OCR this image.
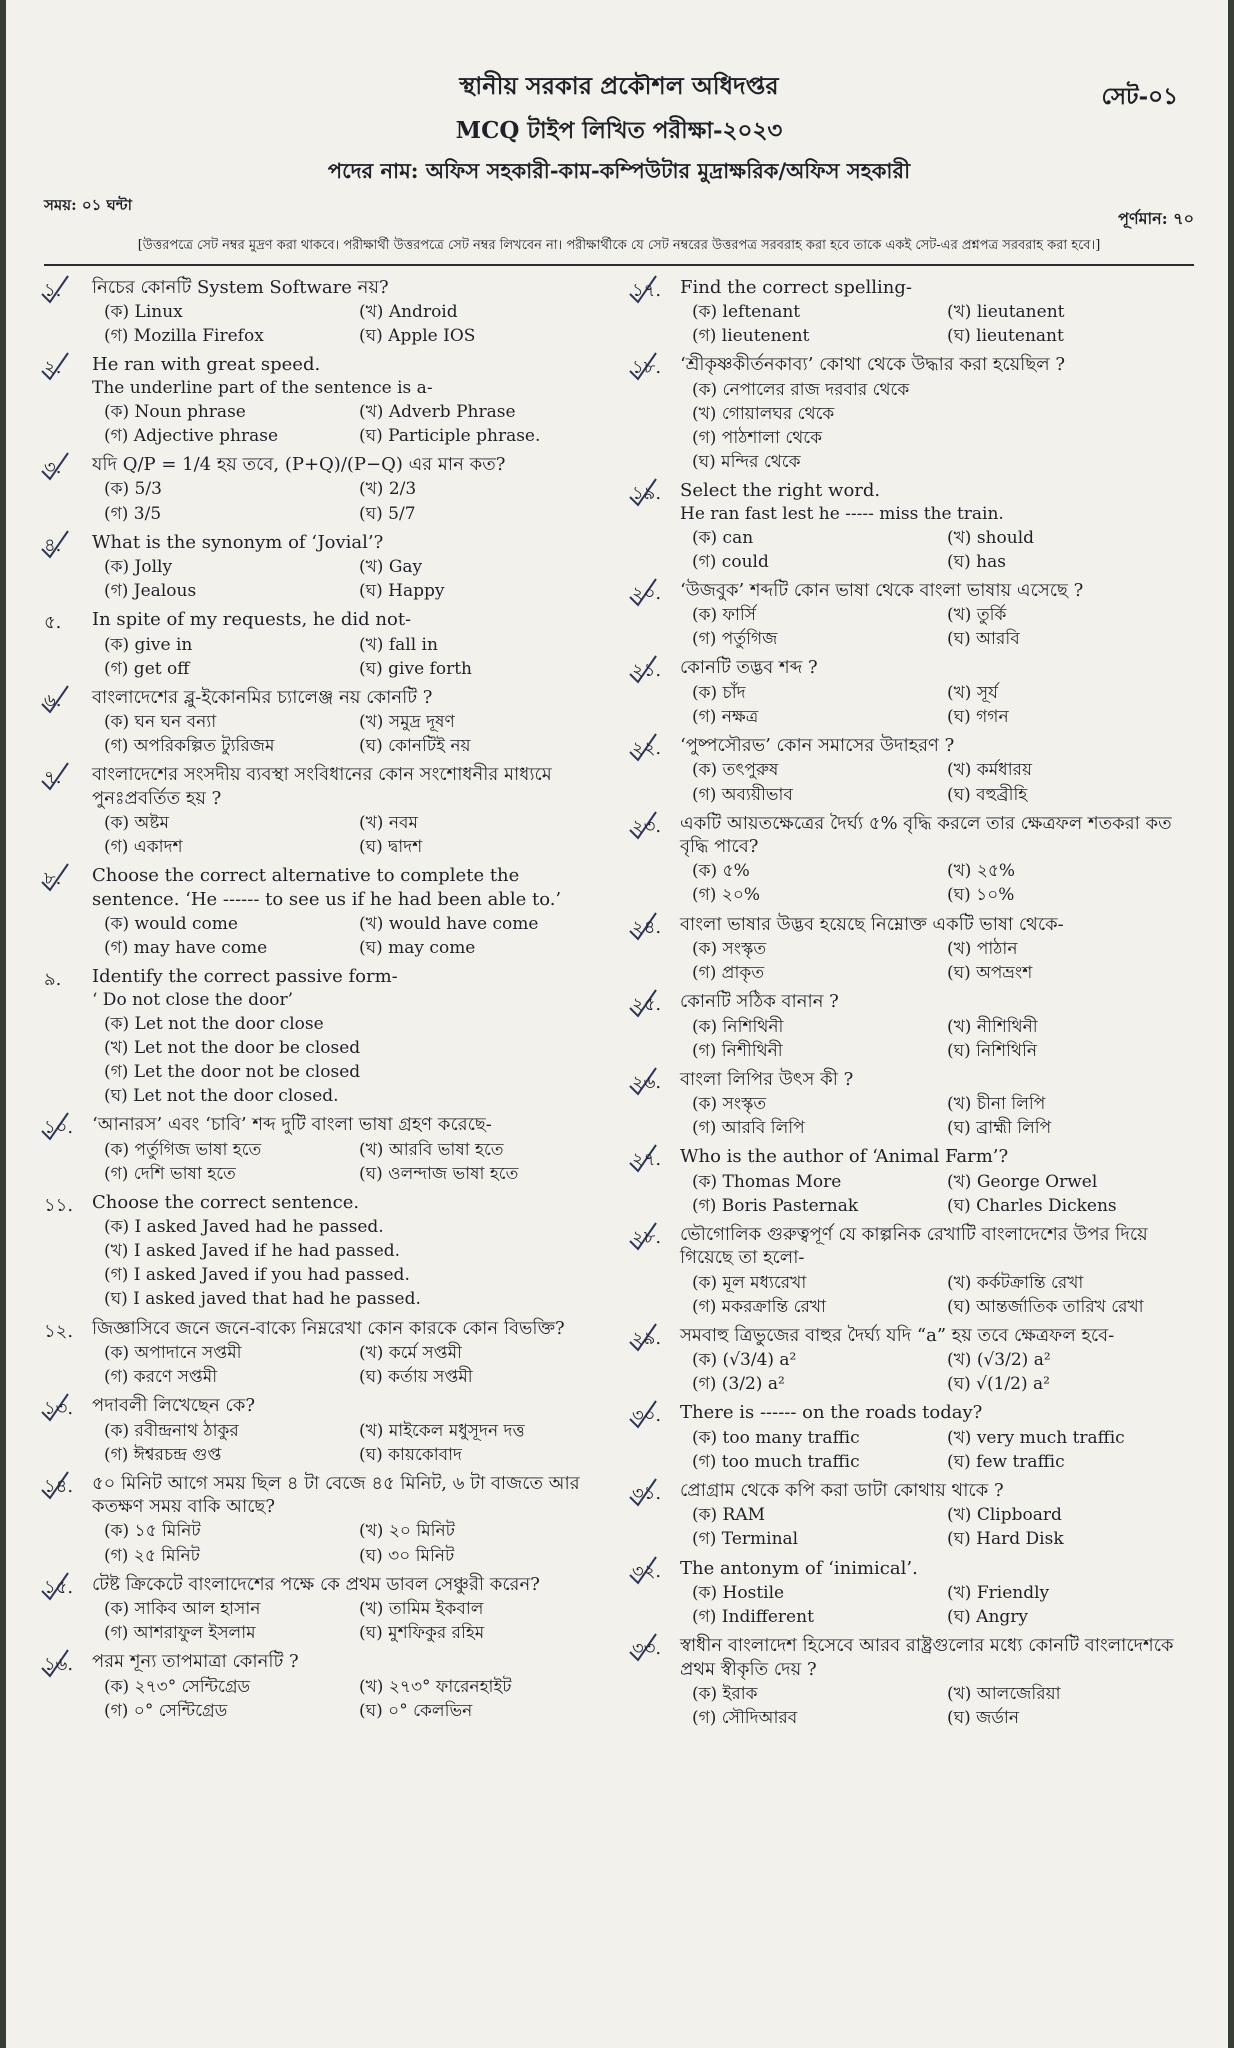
সেট-০১
স্থানীয় সরকার প্রকৌশল অধিদপ্তর
MCQ টাইপ লিখিত পরীক্ষা-২০২৩
পদের নাম: অফিস সহকারী-কাম-কম্পিউটার মুদ্রাক্ষরিক/অফিস সহকারী
সময়: ০১ ঘন্টা
পূর্ণমান: ৭০
[উত্তরপত্রে সেট নম্বর মুদ্রণ করা থাকবে। পরীক্ষার্থী উত্তরপত্রে সেট নম্বর লিখবেন না। পরীক্ষার্থীকে যে সেট নম্বরের উত্তরপত্র সরবরাহ করা হবে তাকে একই সেট-এর প্রশ্নপত্র সরবরাহ করা হবে।]
১.	নিচের কোনটি System Software নয়?
(ক) Linux	(খ) Android
(গ) Mozilla Firefox	(ঘ) Apple IOS
২.	He ran with great speed.
The underline part of the sentence is a-
(ক) Noun phrase	(খ) Adverb Phrase
(গ) Adjective phrase	(ঘ) Participle phrase.
৩.	যদি Q/P = 1/4 হয় তবে, (P+Q)/(P−Q) এর মান কত?
(ক) 5/3	(খ) 2/3
(গ) 3/5	(ঘ) 5/7
৪.	What is the synonym of ‘Jovial’?
(ক) Jolly	(খ) Gay
(গ) Jealous	(ঘ) Happy
৫.	In spite of my requests, he did not-
(ক) give in	(খ) fall in
(গ) get off	(ঘ) give forth
৬.	বাংলাদেশের ব্লু-ইকোনমির চ্যালেঞ্জ নয় কোনটি ?
(ক) ঘন ঘন বন্যা	(খ) সমুদ্র দূষণ
(গ) অপরিকল্পিত ট্যুরিজম	(ঘ) কোনটিই নয়
৭.	বাংলাদেশের সংসদীয় ব্যবস্থা সংবিধানের কোন সংশোধনীর মাধ্যমে পুনঃপ্রবর্তিত হয় ?
(ক) অষ্টম	(খ) নবম
(গ) একাদশ	(ঘ) দ্বাদশ
৮.	Choose the correct alternative to complete the sentence. ‘He ------ to see us if he had been able to.’
(ক) would come	(খ) would have come
(গ) may have come	(ঘ) may come
৯.	Identify the correct passive form-
‘ Do not close the door’
(ক) Let not the door close
(খ) Let not the door be closed
(গ) Let the door not be closed
(ঘ) Let not the door closed.
১০.	‘আনারস’ এবং ‘চাবি’ শব্দ দুটি বাংলা ভাষা গ্রহণ করেছে-
(ক) পর্তুগিজ ভাষা হতে	(খ) আরবি ভাষা হতে
(গ) দেশি ভাষা হতে	(ঘ) ওলন্দাজ ভাষা হতে
১১.	Choose the correct sentence.
(ক) I asked Javed had he passed.
(খ) I asked Javed if he had passed.
(গ) I asked Javed if you had passed.
(ঘ) I asked javed that had he passed.
১২.	জিজ্ঞাসিবে জনে জনে-বাক্যে নিম্নরেখা কোন কারকে কোন বিভক্তি?
(ক) অপাদানে সপ্তমী	(খ) কর্মে সপ্তমী
(গ) করণে সপ্তমী	(ঘ) কর্তায় সপ্তমী
১৩.	পদাবলী লিখেছেন কে?
(ক) রবীন্দ্রনাথ ঠাকুর	(খ) মাইকেল মধুসূদন দত্ত
(গ) ঈশ্বরচন্দ্র গুপ্ত	(ঘ) কায়কোবাদ
১৪.	৫০ মিনিট আগে সময় ছিল ৪ টা বেজে ৪৫ মিনিট, ৬ টা বাজতে আর কতক্ষণ সময় বাকি আছে?
(ক) ১৫ মিনিট	(খ) ২০ মিনিট
(গ) ২৫ মিনিট	(ঘ) ৩০ মিনিট
১৫.	টেষ্ট ক্রিকেটে বাংলাদেশের পক্ষে কে প্রথম ডাবল সেঞ্চুরী করেন?
(ক) সাকিব আল হাসান	(খ) তামিম ইকবাল
(গ) আশরাফুল ইসলাম	(ঘ) মুশফিকুর রহিম
১৬.	পরম শূন্য তাপমাত্রা কোনটি ?
(ক) ২৭৩° সেন্টিগ্রেড	(খ) ২৭৩° ফারেনহাইট
(গ) ০° সেন্টিগ্রেড	(ঘ) ০° কেলভিন
১৭.	Find the correct spelling-
(ক) leftenant	(খ) lieutanent
(গ) lieutenent	(ঘ) lieutenant
১৮.	‘শ্রীকৃষ্ণকীর্তনকাব্য’ কোথা থেকে উদ্ধার করা হয়েছিল ?
(ক) নেপালের রাজ দরবার থেকে
(খ) গোয়ালঘর থেকে
(গ) পাঠশালা থেকে
(ঘ) মন্দির থেকে
১৯.	Select the right word.
He ran fast lest he ----- miss the train.
(ক) can	(খ) should
(গ) could	(ঘ) has
২০.	‘উজবুক’ শব্দটি কোন ভাষা থেকে বাংলা ভাষায় এসেছে ?
(ক) ফার্সি	(খ) তুর্কি
(গ) পর্তুগিজ	(ঘ) আরবি
২১.	কোনটি তদ্ভব শব্দ ?
(ক) চাঁদ	(খ) সূর্য
(গ) নক্ষত্র	(ঘ) গগন
২২.	‘পুষ্পসৌরভ’ কোন সমাসের উদাহরণ ?
(ক) তৎপুরুষ	(খ) কর্মধারয়
(গ) অব্যয়ীভাব	(ঘ) বহুব্রীহি
২৩.	একটি আয়তক্ষেত্রের দৈর্ঘ্য ৫% বৃদ্ধি করলে তার ক্ষেত্রফল শতকরা কত বৃদ্ধি পাবে?
(ক) ৫%	(খ) ২৫%
(গ) ২০%	(ঘ) ১০%
২৪.	বাংলা ভাষার উদ্ভব হয়েছে নিম্নোক্ত একটি ভাষা থেকে-
(ক) সংস্কৃত	(খ) পাঠান
(গ) প্রাকৃত	(ঘ) অপভ্রংশ
২৫.	কোনটি সঠিক বানান ?
(ক) নিশিথিনী	(খ) নীশিথিনী
(গ) নিশীথিনী	(ঘ) নিশিথিনি
২৬.	বাংলা লিপির উৎস কী ?
(ক) সংস্কৃত	(খ) চীনা লিপি
(গ) আরবি লিপি	(ঘ) ব্রাহ্মী লিপি
২৭.	Who is the author of ‘Animal Farm’?
(ক) Thomas More	(খ) George Orwel
(গ) Boris Pasternak	(ঘ) Charles Dickens
২৮.	ভৌগোলিক গুরুত্বপূর্ণ যে কাল্পনিক রেখাটি বাংলাদেশের উপর দিয়ে গিয়েছে তা হলো-
(ক) মূল মধ্যরেখা	(খ) কর্কটক্রান্তি রেখা
(গ) মকরক্রান্তি রেখা	(ঘ) আন্তর্জাতিক তারিখ রেখা
২৯.	সমবাহু ত্রিভুজের বাহুর দৈর্ঘ্য যদি “a” হয় তবে ক্ষেত্রফল হবে-
(ক) (√3/4) a²	(খ) (√3/2) a²
(গ) (3/2) a²	(ঘ) √(1/2) a²
৩০.	There is ------ on the roads today?
(ক) too many traffic	(খ) very much traffic
(গ) too much traffic	(ঘ) few traffic
৩১.	প্রোগ্রাম থেকে কপি করা ডাটা কোথায় থাকে ?
(ক) RAM	(খ) Clipboard
(গ) Terminal	(ঘ) Hard Disk
৩২.	The antonym of ‘inimical’.
(ক) Hostile	(খ) Friendly
(গ) Indifferent	(ঘ) Angry
৩৩.	স্বাধীন বাংলাদেশ হিসেবে আরব রাষ্ট্রগুলোর মধ্যে কোনটি বাংলাদেশকে প্রথম স্বীকৃতি দেয় ?
(ক) ইরাক	(খ) আলজেরিয়া
(গ) সৌদিআরব	(ঘ) জর্ডান
